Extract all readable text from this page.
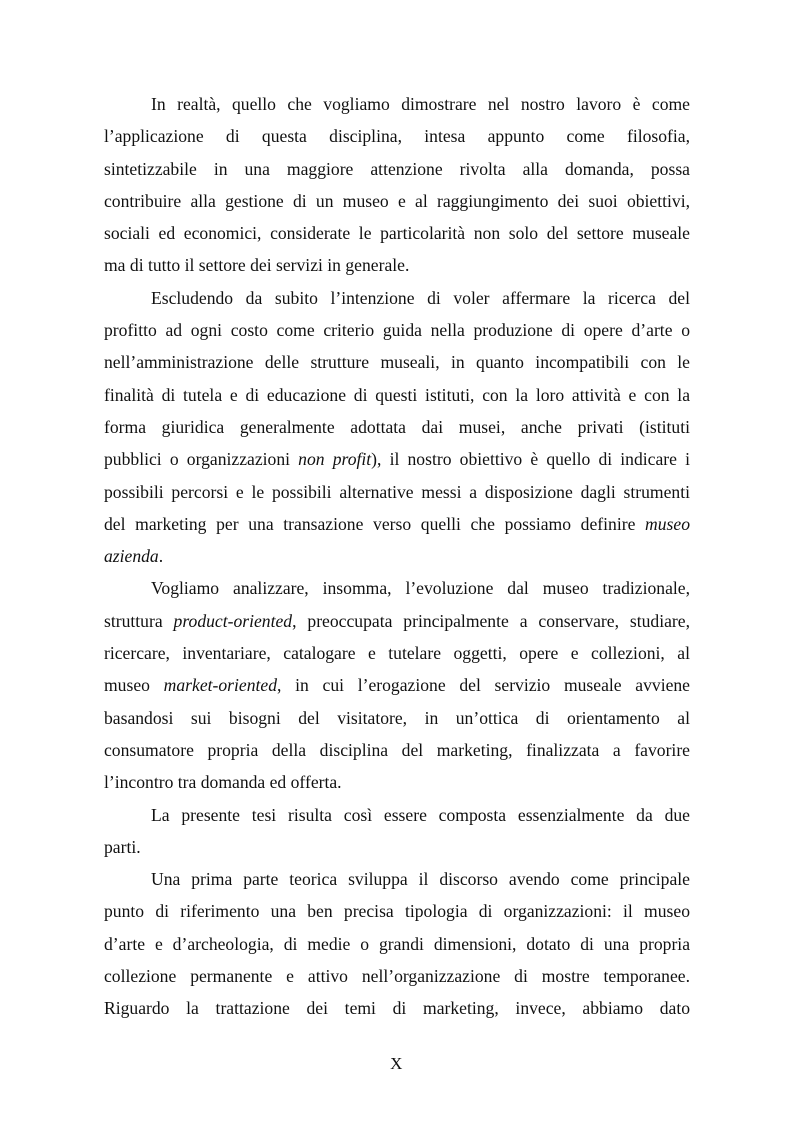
In realtà, quello che vogliamo dimostrare nel nostro lavoro è come
l’applicazione di questa disciplina, intesa appunto come filosofia,
sintetizzabile in una maggiore attenzione rivolta alla domanda, possa
contribuire alla gestione di un museo e al raggiungimento dei suoi obiettivi,
sociali ed economici, considerate le particolarità non solo del settore museale
ma di tutto il settore dei servizi in generale.

Escludendo da subito l’intenzione di voler affermare la ricerca del
profitto ad ogni costo come criterio guida nella produzione di opere d’arte o
nell’amministrazione delle strutture museali, in quanto incompatibili con le
finalità di tutela e di educazione di questi istituti, con la loro attività e con la
forma giuridica generalmente adottata dai musei, anche privati (istituti
pubblici o organizzazioni non profit), il nostro obiettivo è quello di indicare i
possibili percorsi e le possibili alternative messi a disposizione dagli strumenti
del marketing per una transazione verso quelli che possiamo definire museo
azienda.

Vogliamo analizzare, insomma, l’evoluzione dal museo tradizionale,
struttura product-oriented, preoccupata principalmente a conservare, studiare,
ricercare, inventariare, catalogare e tutelare oggetti, opere e collezioni, al
museo market-oriented, in cui l’erogazione del servizio museale avviene
basandosi sui bisogni del visitatore, in un’ottica di orientamento al
consumatore propria della disciplina del marketing, finalizzata a favorire
l’incontro tra domanda ed offerta.

La presente tesi risulta così essere composta essenzialmente da due
parti.

Una prima parte teorica sviluppa il discorso avendo come principale
punto di riferimento una ben precisa tipologia di organizzazioni: il museo
d’arte e d’archeologia, di medie o grandi dimensioni, dotato di una propria
collezione permanente e attivo nell’organizzazione di mostre temporanee.
Riguardo la trattazione dei temi di marketing, invece, abbiamo dato

X
